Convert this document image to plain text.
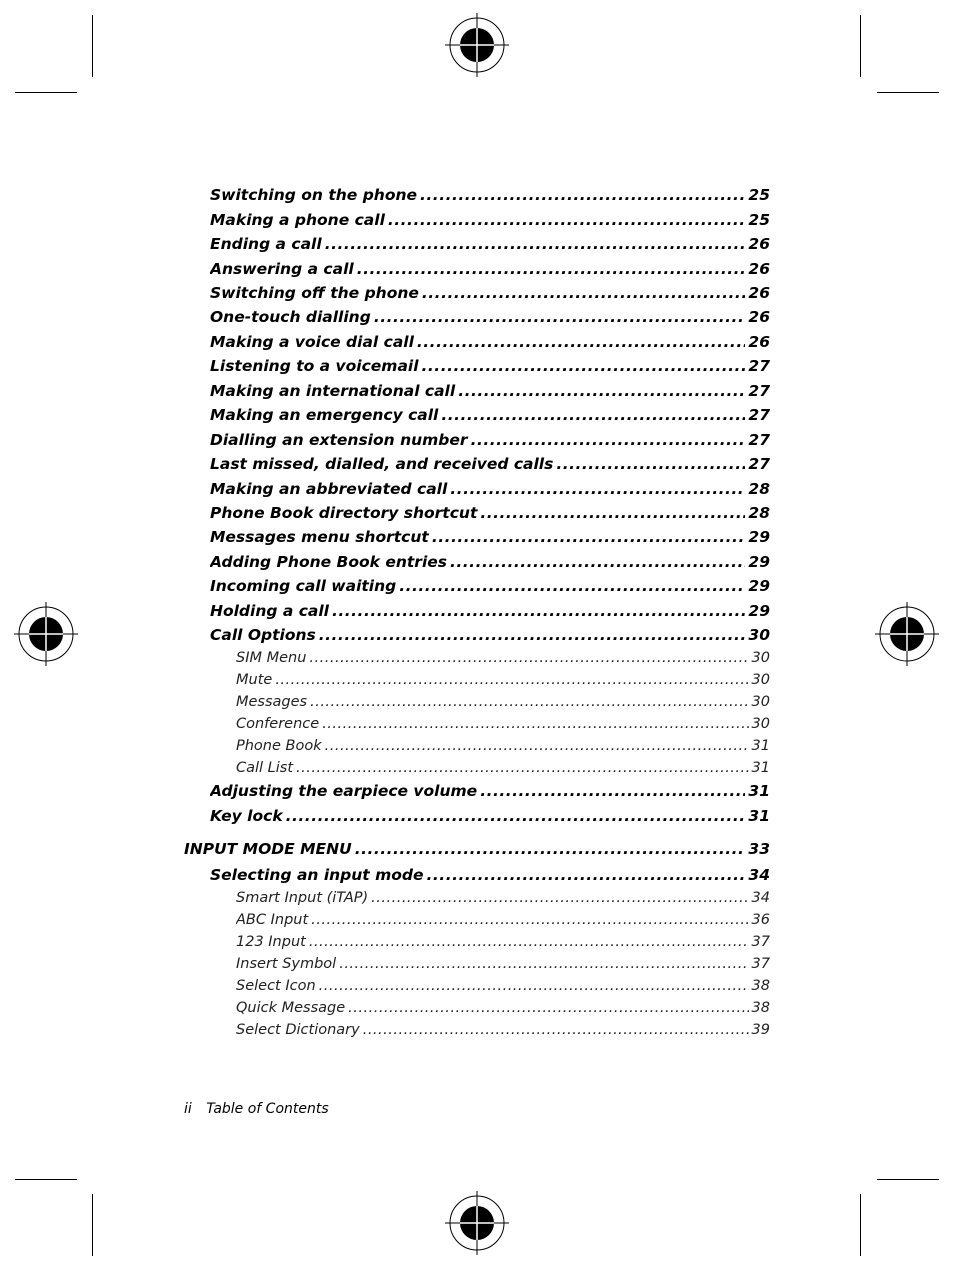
Switching on the phone .....	25
Making a phone call .....	25
Ending a call .....	26
Answering a call .....	26
Switching off the phone .....	26
One-touch dialling .....	26
Making a voice dial call .....	26
Listening to a voicemail .....	27
Making an international call .....	27
Making an emergency call .....	27
Dialling an extension number .....	27
Last missed, dialled, and received calls .....	27
Making an abbreviated call .....	28
Phone Book directory shortcut .....	28
Messages menu shortcut .....	29
Adding Phone Book entries .....	29
Incoming call waiting .....	29
Holding a call .....	29
Call Options .....	30
SIM Menu .....	30
Mute .....	30
Messages .....	30
Conference .....	30
Phone Book .....	31
Call List .....	31
Adjusting the earpiece volume .....	31
Key lock .....	31
INPUT MODE MENU .....	33
Selecting an input mode .....	34
Smart Input (iTAP) .....	34
ABC Input .....	36
123 Input .....	37
Insert Symbol .....	37
Select Icon .....	38
Quick Message .....	38
Select Dictionary .....	39
ii Table of Contents
